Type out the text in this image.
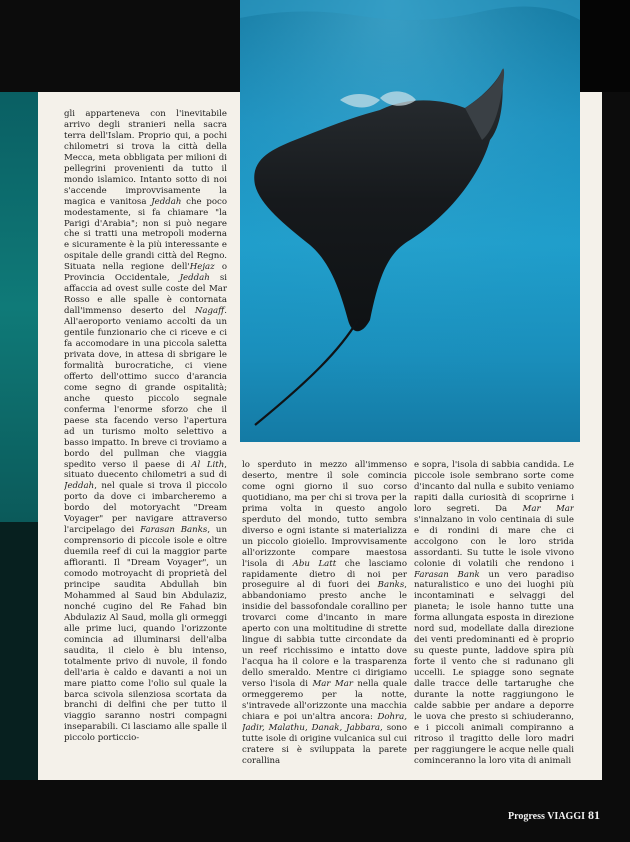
gli apparteneva con l'inevitabile arrivo degli stranieri nella sacra terra dell'Islam. Proprio qui, a pochi chilometri si trova la città della Mecca, meta obbligata per milioni di pellegrini provenienti da tutto il mondo islamico. Intanto sotto di noi s'accende improvvisamente la magica e vanitosa Jeddah che poco modestamente, si fa chiamare "la Parigi d'Arabia"; non si può negare che si tratti una metropoli moderna e sicuramente è la più interessante e ospitale delle grandi città del Regno. Situata nella regione dell'Hejaz o Provincia Occidentale, Jeddah si affaccia ad ovest sulle coste del Mar Rosso e alle spalle è contornata dall'immenso deserto del Nagaff. All'aeroporto veniamo accolti da un gentile funzionario che ci riceve e ci fa accomodare in una piccola saletta privata dove, in attesa di sbrigare le formalità burocratiche, ci viene offerto dell'ottimo succo d'arancia come segno di grande ospitalità; anche questo piccolo segnale conferma l'enorme sforzo che il paese sta facendo verso l'apertura ad un turismo molto selettivo a basso impatto. In breve ci troviamo a bordo del pullman che viaggia spedito verso il paese di Al Lith, situato duecento chilometri a sud di Jeddah, nel quale si trova il piccolo porto da dove ci imbarcheremo a bordo del motoryacht "Dream Voyager" per navigare attraverso l'arcipelago dei Farasan Banks, un comprensorio di piccole isole e oltre duemila reef di cui la maggior parte affioranti. Il "Dream Voyager", un comodo motroyacht di proprietà del principe saudita Abdullah bin Mohammed al Saud bin Abdulaziz, nonché cugino del Re Fahad bin Abdulaziz Al Saud, molla gli ormeggi alle prime luci, quando l'orizzonte comincia ad illuminarsi dell'alba saudita, il cielo è blu intenso, totalmente privo di nuvole, il fondo dell'aria è caldo e davanti a noi un mare piatto come l'olio sul quale la barca scivola silenziosa scortata da branchi di delfini che per tutto il viaggio saranno nostri compagni inseparabili. Ci lasciamo alle spalle il piccolo porticcio-

lo sperduto in mezzo all'immenso deserto, mentre il sole comincia come ogni giorno il suo corso quotidiano, ma per chi si trova per la prima volta in questo angolo sperduto del mondo, tutto sembra diverso e ogni istante si materializza un piccolo gioiello. Improvvisamente all'orizzonte compare maestosa l'isola di Abu Latt che lasciamo rapidamente dietro di noi per proseguire al di fuori dei Banks, abbandoniamo presto anche le insidie del bassofondale corallino per trovarci come d'incanto in mare aperto con una moltitudine di strette lingue di sabbia tutte circondate da un reef ricchissimo e intatto dove l'acqua ha il colore e la trasparenza dello smeraldo. Mentre ci dirigiamo verso l'isola di Mar Mar nella quale ormeggeremo per la notte, s'intravede all'orizzonte una macchia chiara e poi un'altra ancora: Dohra, Jadir, Malathu, Danak, Jabbara, sono tutte isole di origine vulcanica sul cui cratere si è sviluppata la parete corallina

e sopra, l'isola di sabbia candida. Le piccole isole sembrano sorte come d'incanto dal nulla e subito veniamo rapiti dalla curiosità di scoprirne i loro segreti. Da Mar Mar s'innalzano in volo centinaia di sule e di rondini di mare che ci accolgono con le loro strida assordanti. Su tutte le isole vivono colonie di volatili che rendono i Farasan Bank un vero paradiso naturalistico e uno dei luoghi più incontaminati e selvaggi del pianeta; le isole hanno tutte una forma allungata esposta in direzione nord sud, modellate dalla direzione dei venti predominanti ed è proprio su queste punte, laddove spira più forte il vento che si radunano gli uccelli. Le spiagge sono segnate dalle tracce delle tartarughe che durante la notte raggiungono le calde sabbie per andare a deporre le uova che presto si schiuderanno, e i piccoli animali compiranno a ritroso il tragitto delle loro madri per raggiungere le acque nelle quali cominceranno la loro vita di animali

Progress VIAGGI 81
